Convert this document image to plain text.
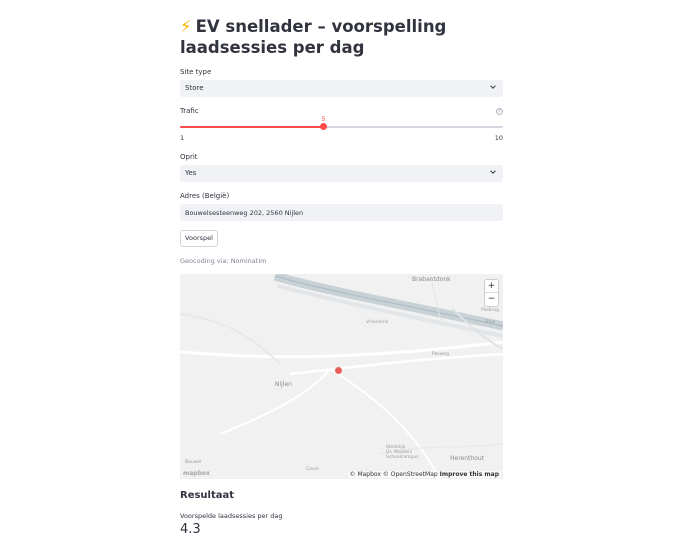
⚡ EV snellader – voorspelling laadsessies per dag
Site type
Store
Trafic	?
5
1	10
Oprit
Yes
Adres (België)
Bouwelsesteenweg 202, 2560 Nijlen
Voorspel
Geocoding via: Nominatim
Brabantdonk
Nijlen
Herenthout
Pasweg
Bouwel
Cavel
Pasbrug
Trois
Vriesdonk
Stedelijk
Dr. Wouters
Schoolcampus
+
−
mapbox	© Mapbox © OpenStreetMap Improve this map
Resultaat
Voorspelde laadsessies per dag
4.3
